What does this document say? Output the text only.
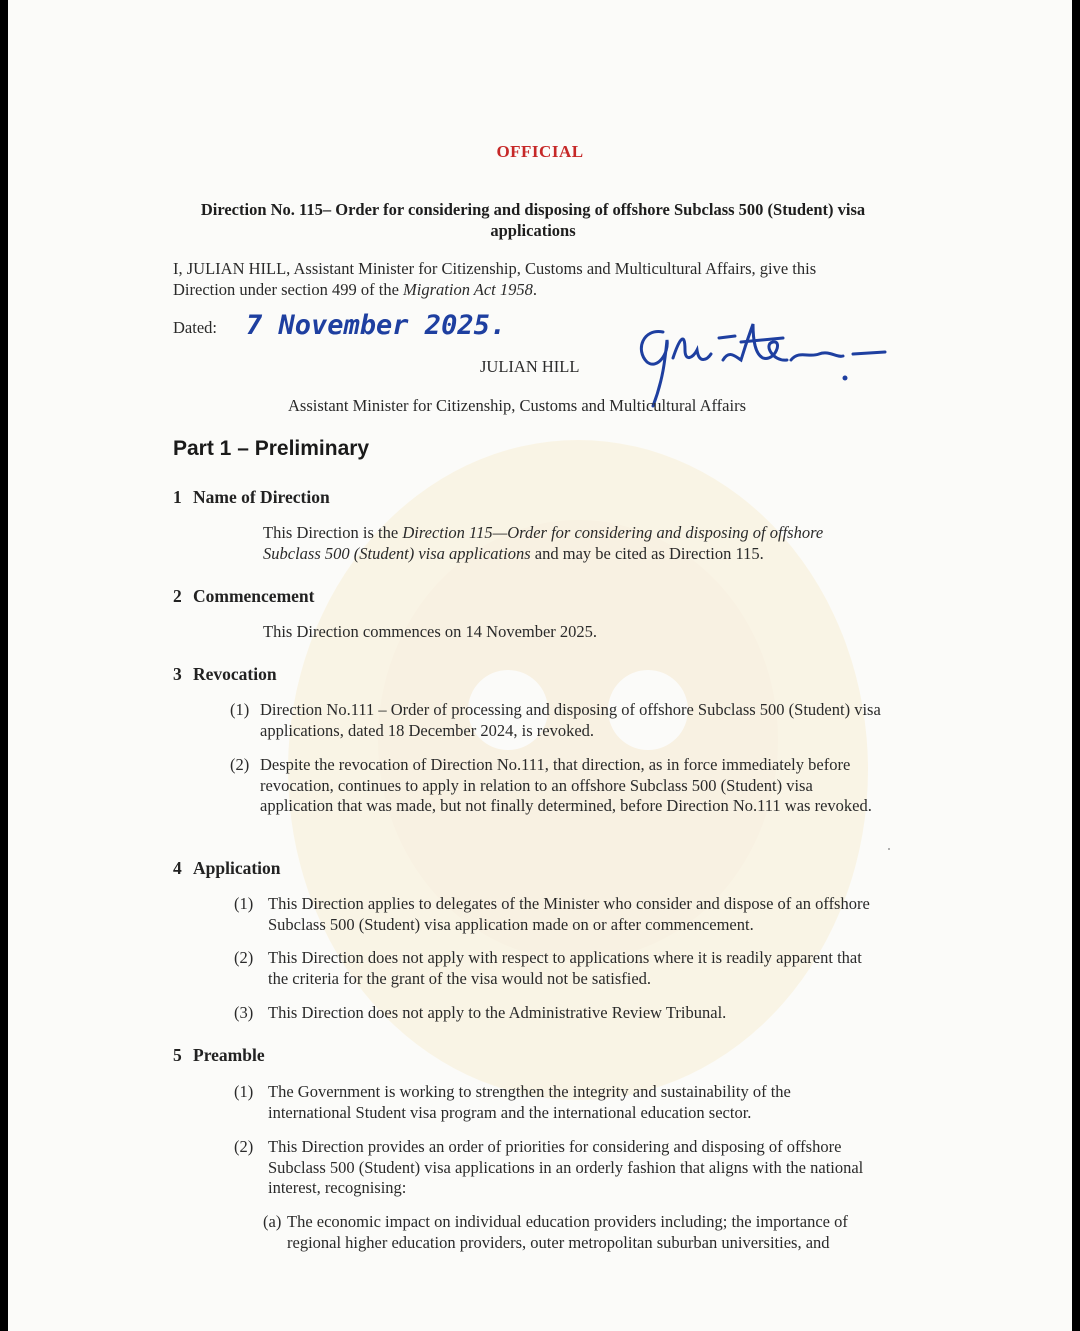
OFFICIAL
Direction No. 115– Order for considering and disposing of offshore Subclass 500 (Student) visa
applications
I, JULIAN HILL, Assistant Minister for Citizenship, Customs and Multicultural Affairs, give this
Direction under section 499 of the Migration Act 1958.
Dated: 7 November 2025.
JULIAN HILL
Assistant Minister for Citizenship, Customs and Multicultural Affairs
Part 1 – Preliminary
1 Name of Direction
This Direction is the Direction 115—Order for considering and disposing of offshore
Subclass 500 (Student) visa applications and may be cited as Direction 115.
2 Commencement
This Direction commences on 14 November 2025.
3 Revocation
(1) Direction No.111 – Order of processing and disposing of offshore Subclass 500 (Student) visa applications, dated 18 December 2024, is revoked.
(2) Despite the revocation of Direction No.111, that direction, as in force immediately before revocation, continues to apply in relation to an offshore Subclass 500 (Student) visa application that was made, but not finally determined, before Direction No.111 was revoked.
4 Application
(1) This Direction applies to delegates of the Minister who consider and dispose of an offshore Subclass 500 (Student) visa application made on or after commencement.
(2) This Direction does not apply with respect to applications where it is readily apparent that the criteria for the grant of the visa would not be satisfied.
(3) This Direction does not apply to the Administrative Review Tribunal.
5 Preamble
(1) The Government is working to strengthen the integrity and sustainability of the international Student visa program and the international education sector.
(2) This Direction provides an order of priorities for considering and disposing of offshore Subclass 500 (Student) visa applications in an orderly fashion that aligns with the national interest, recognising:
(a) The economic impact on individual education providers including; the importance of regional higher education providers, outer metropolitan suburban universities, and
